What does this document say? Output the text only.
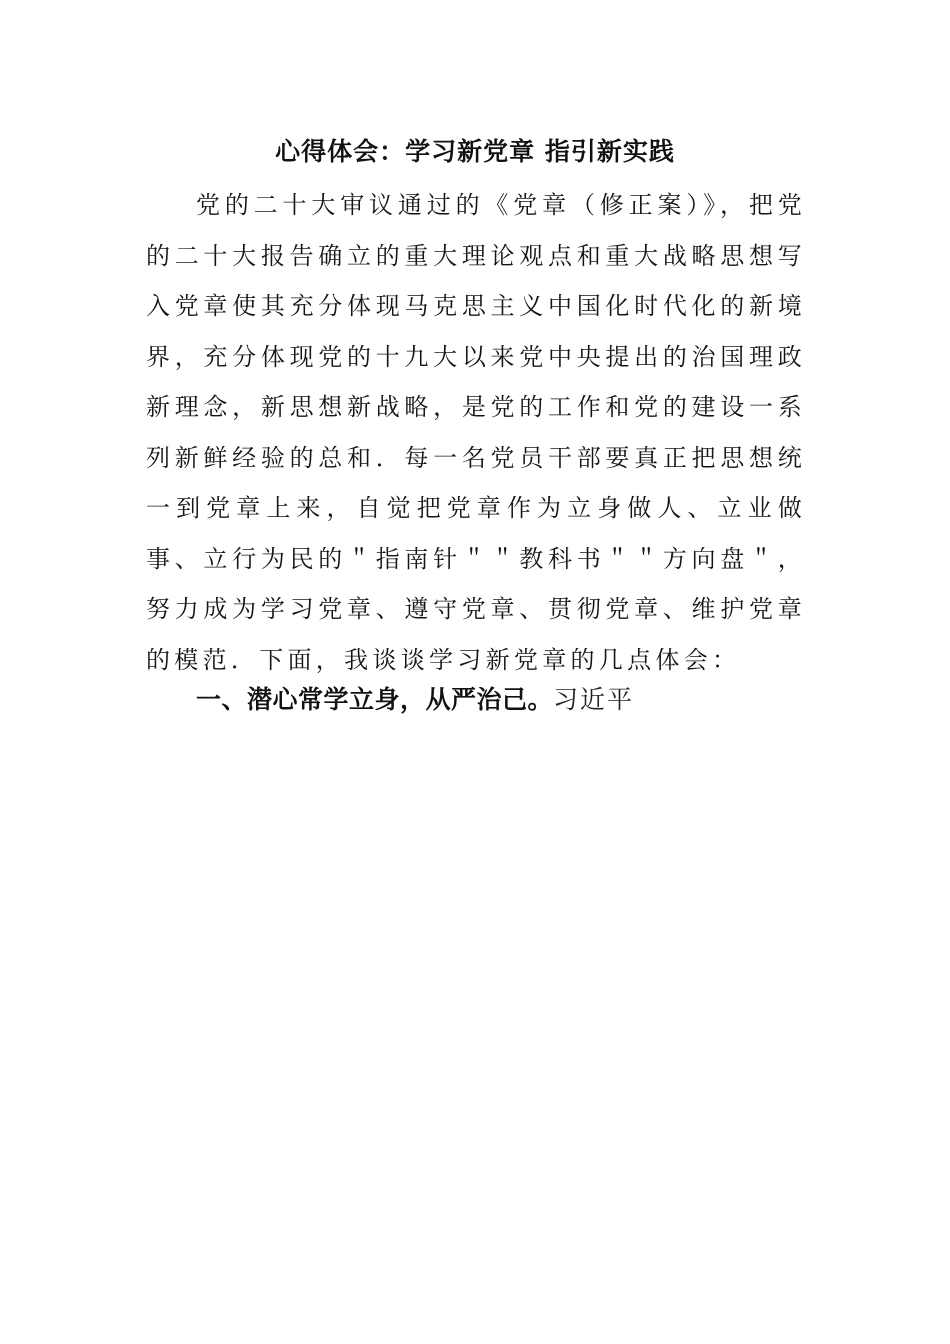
心得体会：学习新党章 指引新实践

党的二十大审议通过的《党章（修正案）》，把党的二十大报告确立的重大理论观点和重大战略思想写入党章使其充分体现马克思主义中国化时代化的新境界，充分体现党的十九大以来党中央提出的治国理政新理念，新思想新战略，是党的工作和党的建设一系列新鲜经验的总和．每一名党员干部要真正把思想统一到党章上来，自觉把党章作为立身做人、立业做事、立行为民的＂指南针＂＂教科书＂＂方向盘＂，努力成为学习党章、遵守党章、贯彻党章、维护党章的模范．下面，我谈谈学习新党章的几点体会：

一、潜心常学立身，从严治己。习近平
